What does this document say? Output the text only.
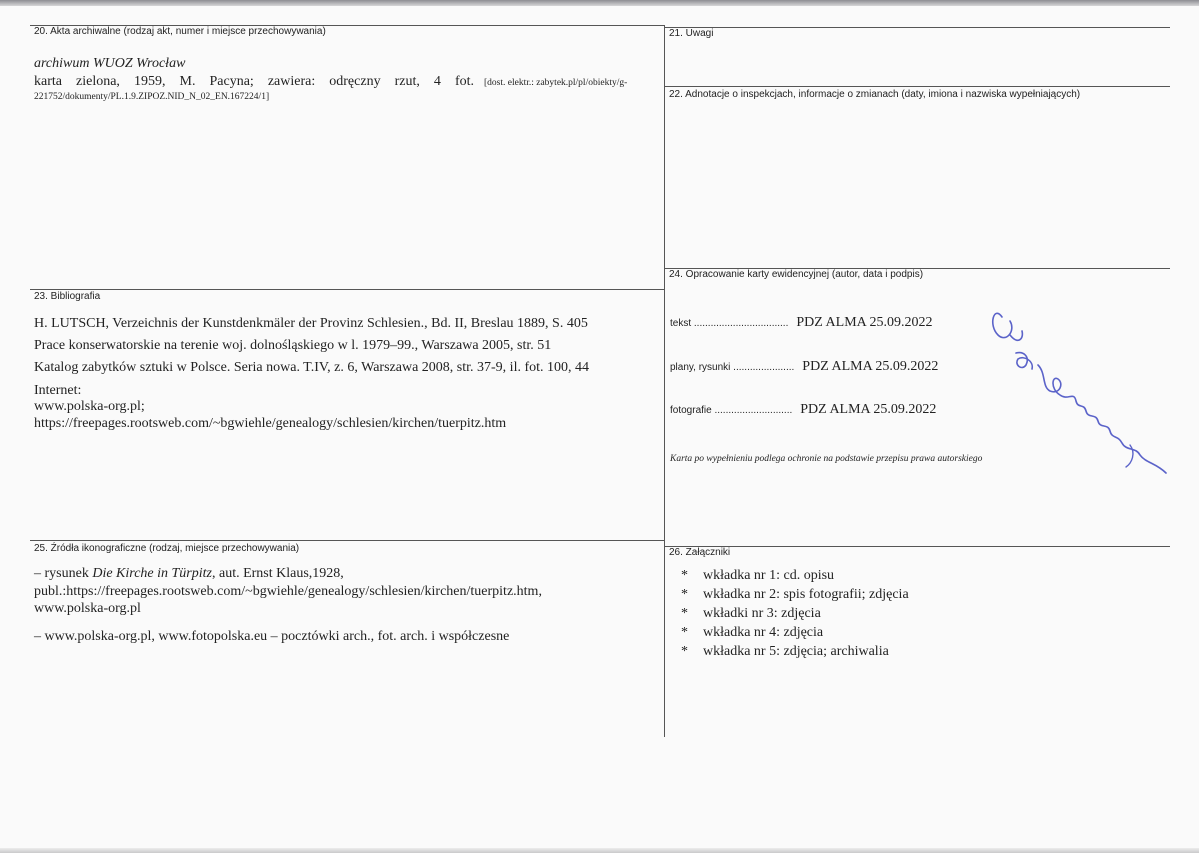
20. Akta archiwalne (rodzaj akt, numer i miejsce przechowywania)

archiwum WUOZ Wrocław

karta zielona, 1959, M. Pacyna; zawiera: odręczny rzut, 4 fot. [dost. elektr.: zabytek.pl/pl/obiekty/g-

221752/dokumenty/PL.1.9.ZIPOZ.NID_N_02_EN.167224/1]

21. Uwagi

22. Adnotacje o inspekcjach, informacje o zmianach (daty, imiona i nazwiska wypełniających)

24. Opracowanie karty ewidencyjnej (autor, data i podpis)

tekst .................................. PDZ ALMA 25.09.2022
plany, rysunki ...................... PDZ ALMA 25.09.2022
fotografie ............................ PDZ ALMA 25.09.2022

Karta po wypełnieniu podlega ochronie na podstawie przepisu prawa autorskiego

23. Bibliografia

H. LUTSCH, Verzeichnis der Kunstdenkmäler der Provinz Schlesien., Bd. II, Breslau 1889, S. 405

Prace konserwatorskie na terenie woj. dolnośląskiego w l. 1979–99., Warszawa 2005, str. 51

Katalog zabytków sztuki w Polsce. Seria nowa. T.IV, z. 6, Warszawa 2008, str. 37-9, il. fot. 100, 44

Internet:

www.polska-org.pl;

https://freepages.rootsweb.com/~bgwiehle/genealogy/schlesien/kirchen/tuerpitz.htm

25. Źródła ikonograficzne (rodzaj, miejsce przechowywania)

– rysunek Die Kirche in Türpitz, aut. Ernst Klaus,1928,

publ.:https://freepages.rootsweb.com/~bgwiehle/genealogy/schlesien/kirchen/tuerpitz.htm,

www.polska-org.pl

– www.polska-org.pl, www.fotopolska.eu – pocztówki arch., fot. arch. i współczesne

26. Załączniki

* wkładka nr 1: cd. opisu
* wkładka nr 2: spis fotografii; zdjęcia
* wkładki nr 3: zdjęcia
* wkładka nr 4: zdjęcia
* wkładka nr 5: zdjęcia; archiwalia
